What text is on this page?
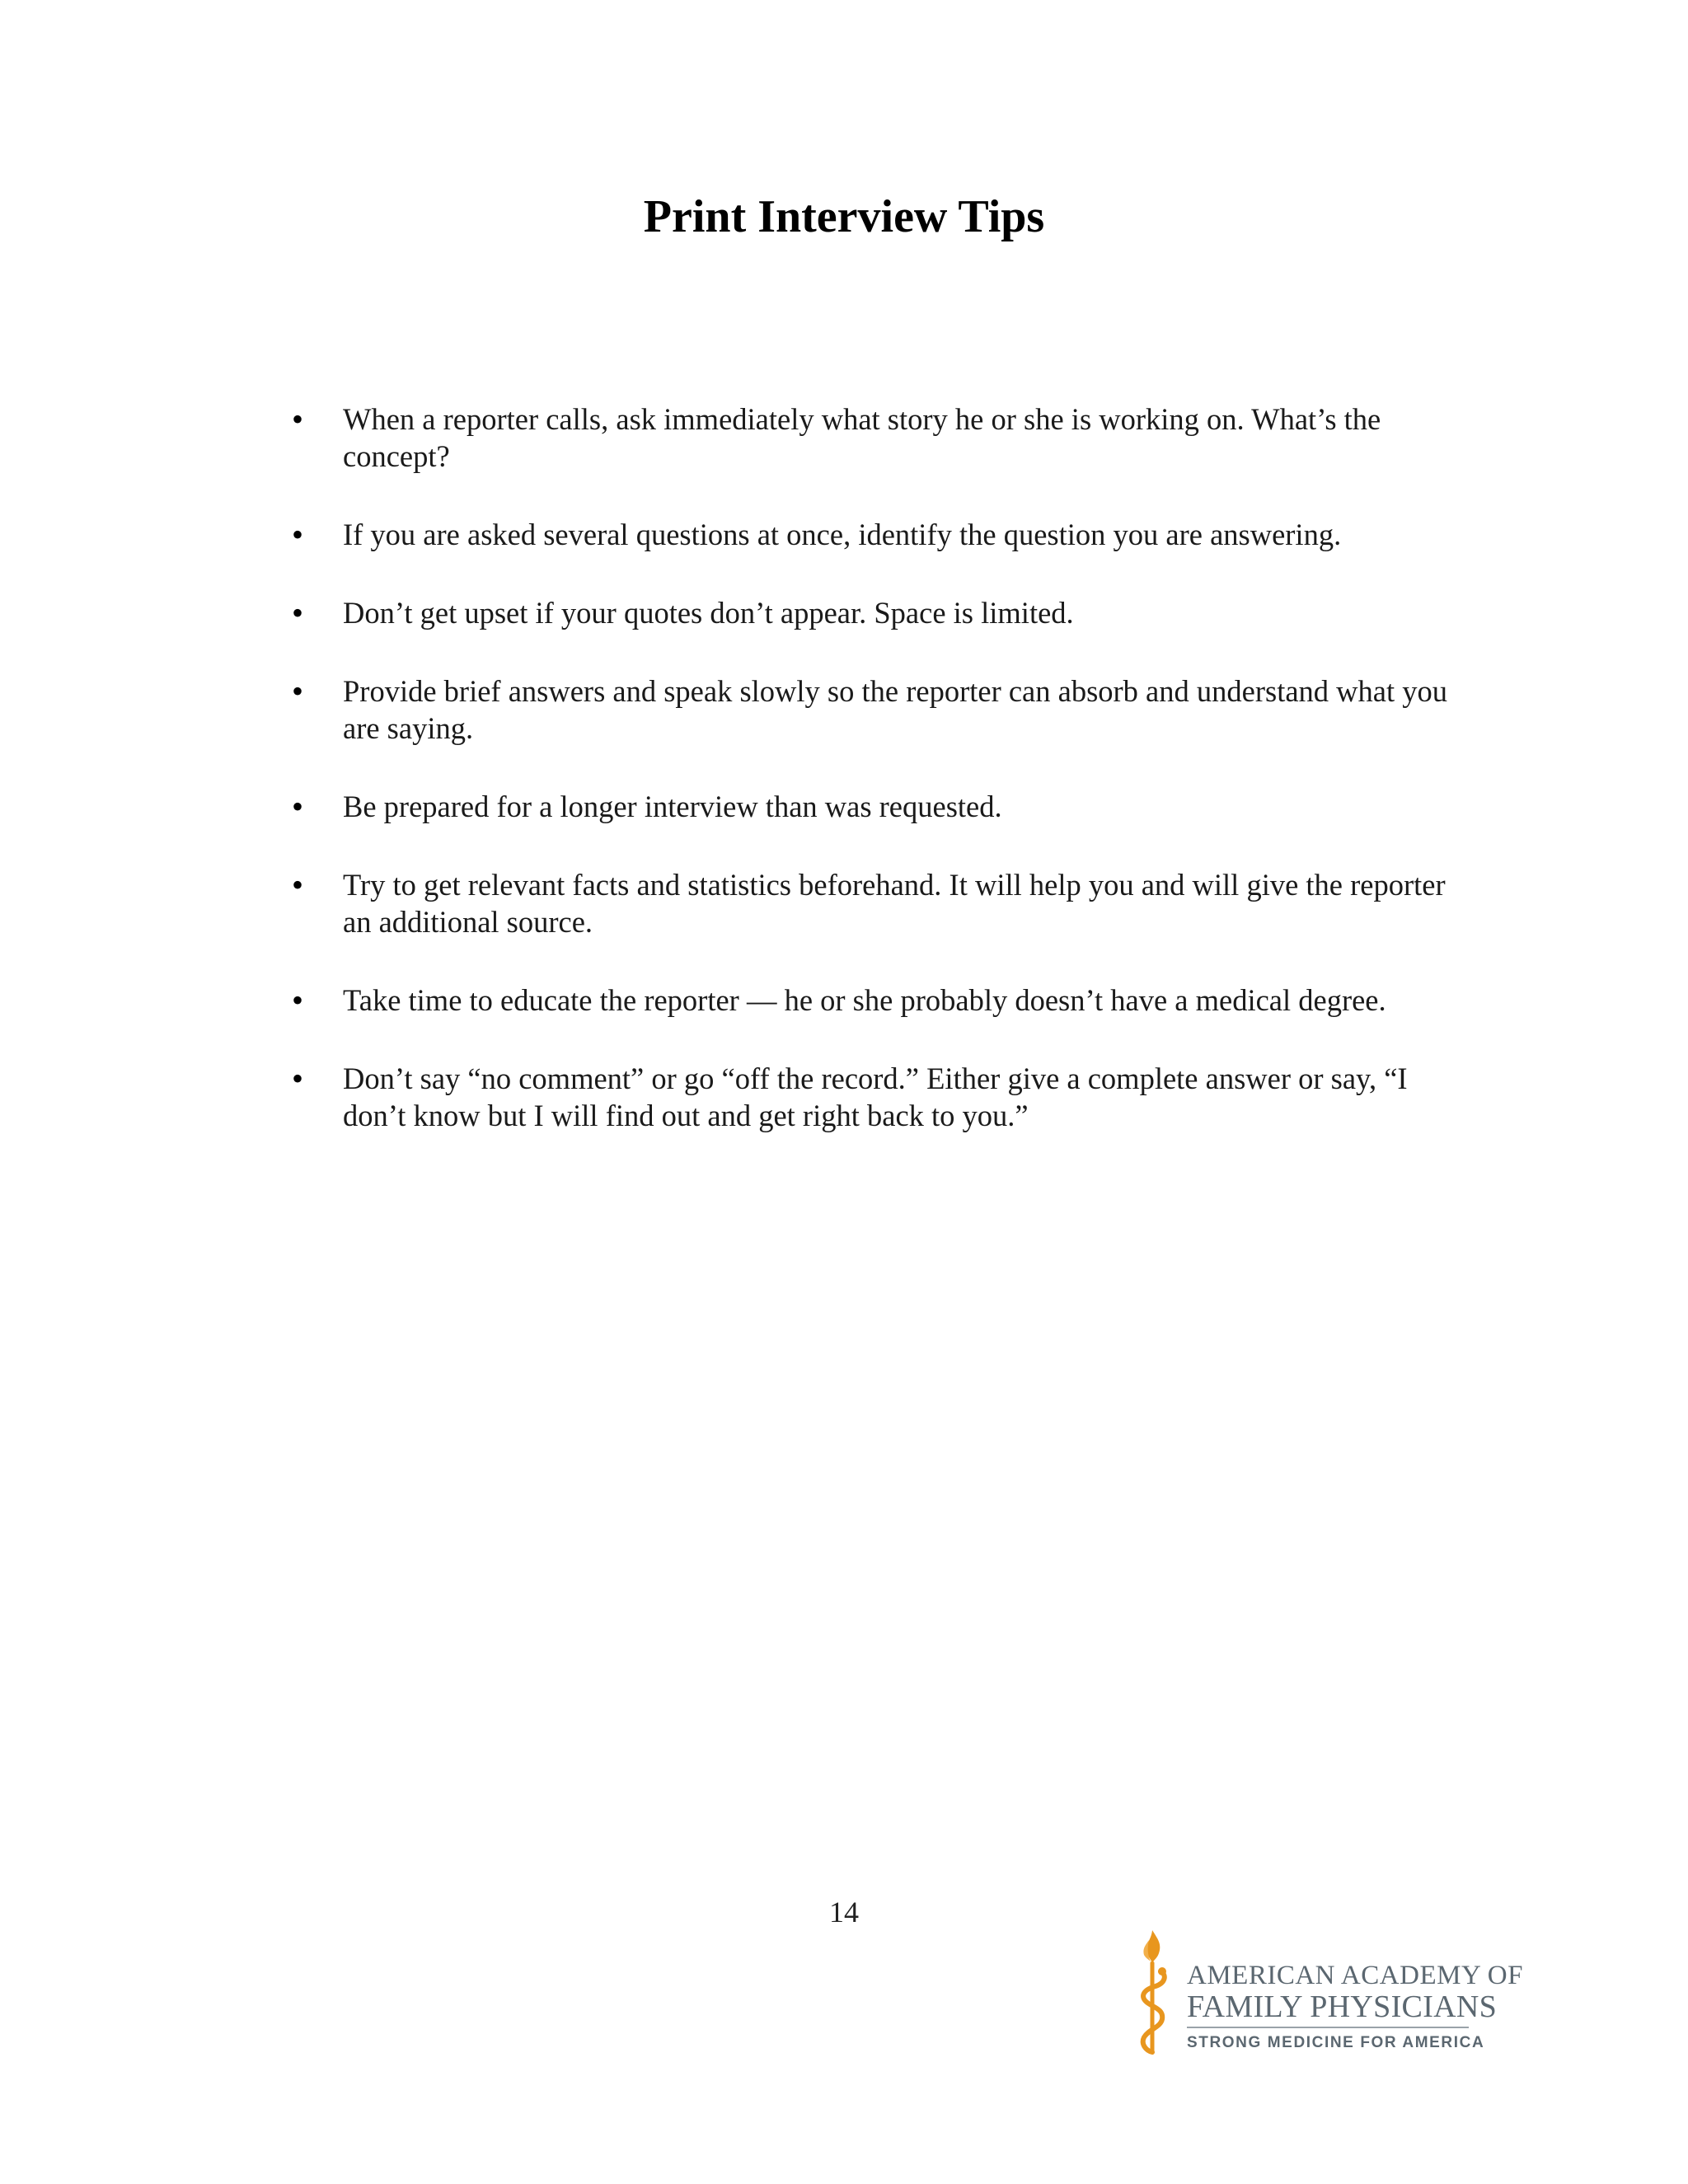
Print Interview Tips
•	When a reporter calls, ask immediately what story he or she is working on. What’s the concept?
•	If you are asked several questions at once, identify the question you are answering.
•	Don’t get upset if your quotes don’t appear. Space is limited.
•	Provide brief answers and speak slowly so the reporter can absorb and understand what you are saying.
•	Be prepared for a longer interview than was requested.
•	Try to get relevant facts and statistics beforehand. It will help you and will give the reporter an additional source.
•	Take time to educate the reporter — he or she probably doesn’t have a medical degree.
•	Don’t say “no comment” or go “off the record.” Either give a complete answer or say, “I don’t know but I will find out and get right back to you.”
14
AMERICAN ACADEMY OF
FAMILY PHYSICIANS
STRONG MEDICINE FOR AMERICA
